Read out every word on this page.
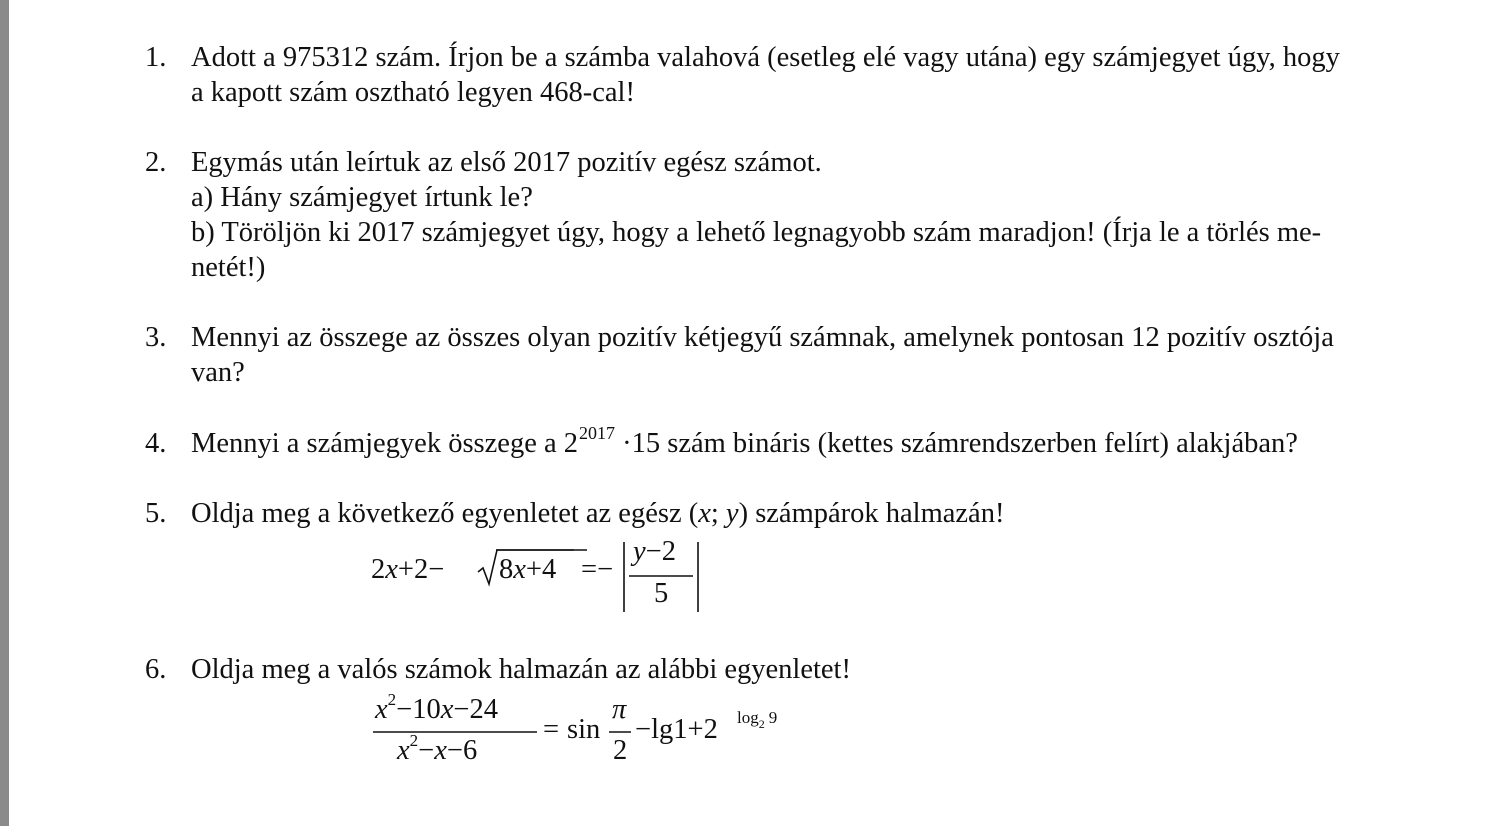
1. Adott a 975312 szám. Írjon be a számba valahová (esetleg elé vagy utána) egy számjegyet úgy, hogy
a kapott szám osztható legyen 468-cal!
2. Egymás után leírtuk az első 2017 pozitív egész számot.
a) Hány számjegyet írtunk le?
b) Töröljön ki 2017 számjegyet úgy, hogy a lehető legnagyobb szám maradjon! (Írja le a törlés me-
netét!)
3. Mennyi az összege az összes olyan pozitív kétjegyű számnak, amelynek pontosan 12 pozitív osztója
van?
4. Mennyi a számjegyek összege a $2^{2017} \cdot 15$ szám bináris (kettes számrendszerben felírt) alakjában?
5. Oldja meg a következő egyenletet az egész (x; y) számpárok halmazán!
2x+2− 8x+4 =−
y−2
5
6. Oldja meg a valós számok halmazán az alábbi egyenletet!
$x^2-10x-24$
$x^2-x-6$
= sin
π
2
−lg1+2 $\log_2 9$
